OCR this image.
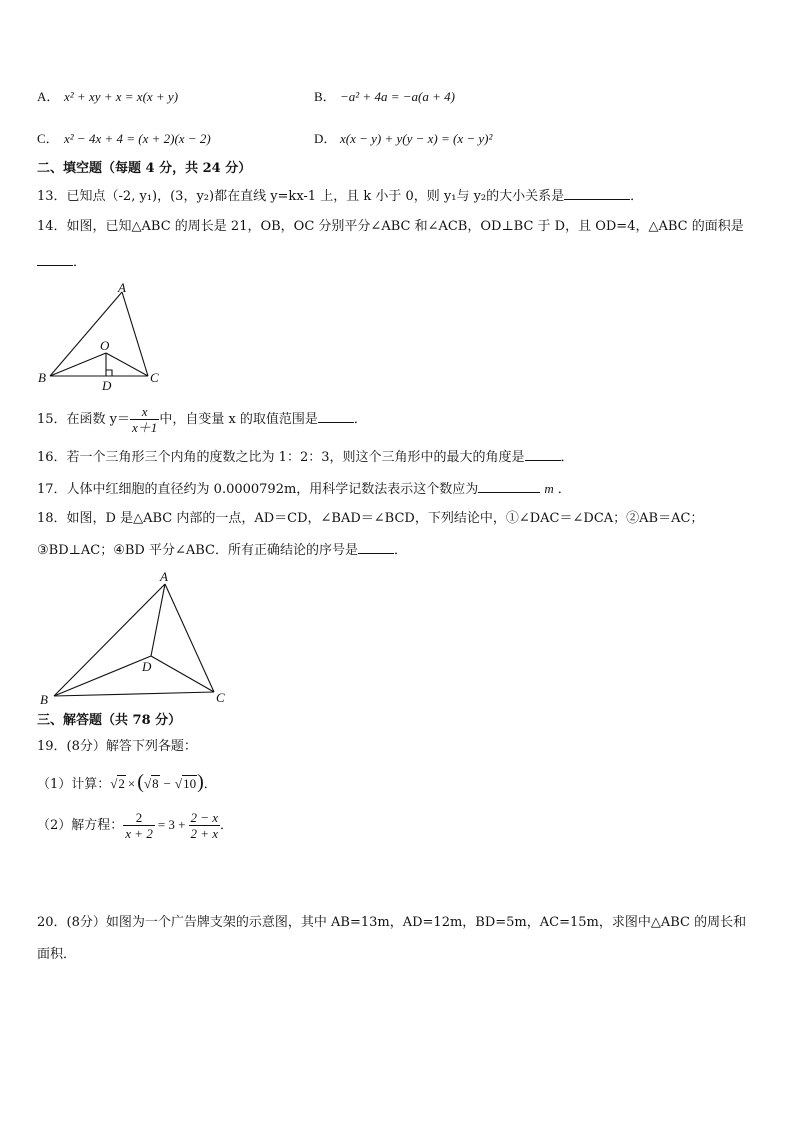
A． x² + xy + x = x(x + y)	B． −a² + 4a = −a(a + 4)
C． x² − 4x + 4 = (x + 2)(x − 2)	D． x(x − y) + y(y − x) = (x − y)²
二、填空题（每题 4 分，共 24 分）
13．已知点（-2, y₁)，(3，y₂)都在直线 y=kx-1 上，且 k 小于 0，则 y₁与 y₂的大小关系是	．
14．如图，已知△ABC 的周长是 21，OB，OC 分别平分∠ABC 和∠ACB，OD⊥BC 于 D，且 OD=4，△ABC 的面积是
．
A
B	C
O
D
15．在函数 $y= \frac{x}{x+1}$ 中，自变量 x 的取值范围是	．
16．若一个三角形三个内角的度数之比为 1：2：3，则这个三角形中的最大的角度是	．
17．人体中红细胞的直径约为 0.0000792m，用科学记数法表示这个数应为	m ．
18．如图，D 是△ABC 内部的一点，AD＝CD，∠BAD＝∠BCD，下列结论中，①∠DAC＝∠DCA；②AB＝AC；
③BD⊥AC；④BD 平分∠ABC．所有正确结论的序号是	．
A
B	C
D
三、解答题（共 78 分）
19．(8分）解答下列各题：
（1）计算：√2 × (√8 − √10)．
（2）解方程： $\frac{2}{x + 2} = 3 + \frac{2 - x}{2 + x}$ ．
20．(8分）如图为一个广告牌支架的示意图，其中 AB=13m，AD=12m，BD=5m，AC=15m，求图中△ABC 的周长和
面积．
